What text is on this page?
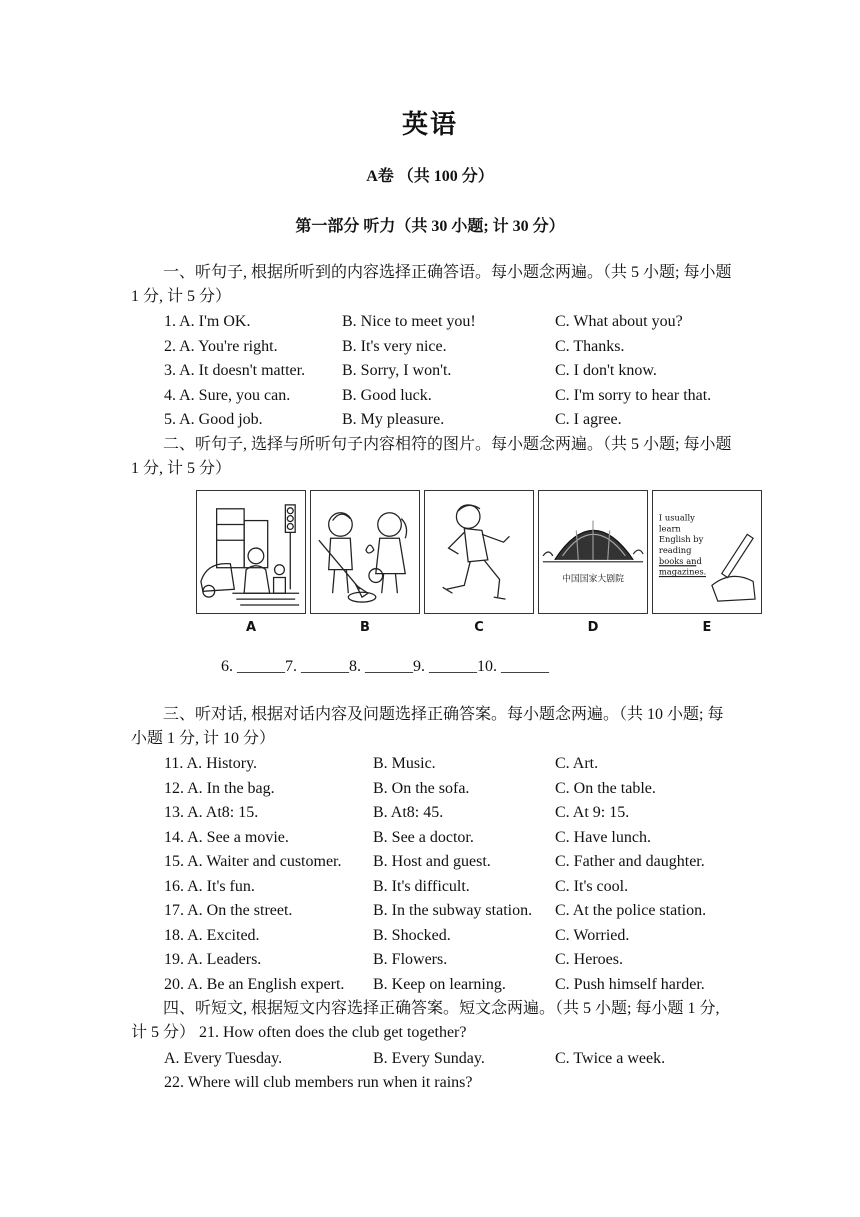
英语
A卷 （共 100 分）
第一部分 听力（共 30 小题; 计 30 分）
一、听句子, 根据所听到的内容选择正确答语。每小题念两遍。（共 5 小题; 每小题 1 分, 计 5 分）
1. A. I'm OK.	B. Nice to meet you!	C. What about you?
2. A. You're right.	B. It's very nice.	C. Thanks.
3. A. It doesn't matter. B. Sorry, I won't.	C. I don't know.
4. A. Sure, you can.	B. Good luck.	C. I'm sorry to hear that.
5. A. Good job.	B. My pleasure.	C. I agree.
二、听句子, 选择与所听句子内容相符的图片。每小题念两遍。（共 5 小题; 每小题 1 分, 计 5 分）
中国国家大剧院
I usually
learn
English by
reading
books and
magazines.
A	B	C	D	E
6. ______7. ______8. ______9. ______10. ______
三、听对话, 根据对话内容及问题选择正确答案。每小题念两遍。（共 10 小题; 每小题 1 分, 计 10 分）
11. A. History.	B. Music.	C. Art.
12. A. In the bag.	B. On the sofa.	C. On the table.
13. A. At8: 15.	B. At8: 45.	C. At 9: 15.
14. A. See a movie.	B. See a doctor.	C. Have lunch.
15. A. Waiter and customer. B. Host and guest.	C. Father and daughter.
16. A. It's fun.	B. It's difficult.	C. It's cool.
17. A. On the street.	B. In the subway station. C. At the police station.
18. A. Excited.	B. Shocked.	C. Worried.
19. A. Leaders.	B. Flowers.	C. Heroes.
20. A. Be an English expert. B. Keep on learning.	C. Push himself harder.
四、听短文, 根据短文内容选择正确答案。短文念两遍。（共 5 小题; 每小题 1 分, 计 5 分） 21. How often does the club get together?
A. Every Tuesday.	B. Every Sunday.	C. Twice a week.
22. Where will club members run when it rains?
